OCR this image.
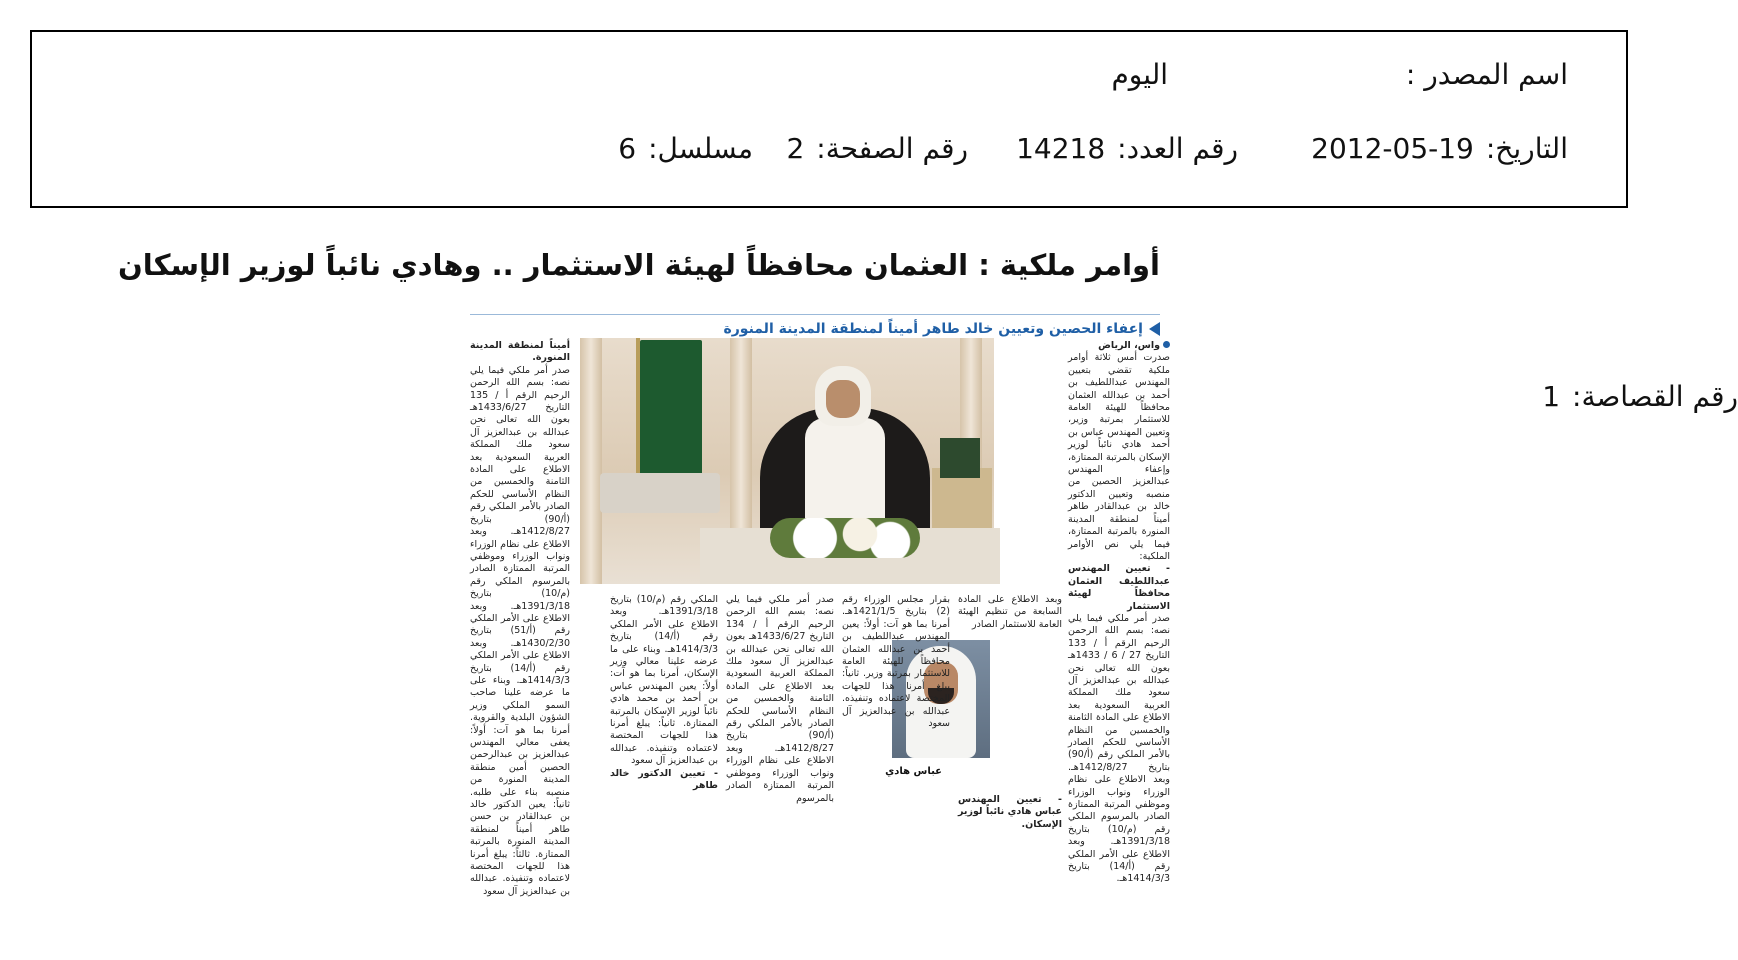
اسم المصدر :
اليوم
التاريخ:
2012-05-19
رقم العدد:
14218
رقم الصفحة:
2
مسلسل:
6
رقم القصاصة:
1
أوامر ملكية : العثمان محافظاً لهيئة الاستثمار .. وهادي نائباً لوزير الإسكان
إعفاء الحصين وتعيين خالد طاهر أميناً لمنطقة المدينة المنورة

واس، الرياض

صدرت أمس ثلاثة أوامر ملكية تقضي بتعيين المهندس عبداللطيف بن أحمد بن عبدالله العثمان محافظاً للهيئة العامة للاستثمار بمرتبة وزير، وتعيين المهندس عباس بن أحمد هادي نائباً لوزير الإسكان بالمرتبة الممتازة، وإعفاء المهندس عبدالعزيز الحصين من منصبه وتعيين الدكتور خالد بن عبدالقادر طاهر أميناً لمنطقة المدينة المنورة بالمرتبة الممتازة، فيما يلي نص الأوامر الملكية:

- تعيين المهندس عبداللطيف العثمان محافظاً لهيئة الاستثمار

صدر أمر ملكي فيما يلي نصه: بسم الله الرحمن الرحيم الرقم أ / 133 التاريخ 27 / 6 / 1433هـ بعون الله تعالى نحن عبدالله بن عبدالعزيز آل سعود ملك المملكة العربية السعودية بعد الاطلاع على المادة الثامنة والخمسين من النظام الأساسي للحكم الصادر بالأمر الملكي رقم (أ/90) بتاريخ 1412/8/27هـ. وبعد الاطلاع على نظام الوزراء ونواب الوزراء وموظفي المرتبة الممتازة الصادر بالمرسوم الملكي رقم (م/10) بتاريخ 1391/3/18هـ. وبعد الاطلاع على الأمر الملكي رقم (أ/14) بتاريخ 1414/3/3هـ.

وبعد الاطلاع على المادة السابعة من تنظيم الهيئة العامة للاستثمار الصادر

عباس هادي

- تعيين المهندس عباس هادي نائباً لوزير الإسكان.

بقرار مجلس الوزراء رقم (2) بتاريخ 1421/1/5هـ. أمرنا بما هو آت: أولاً: يعين المهندس عبداللطيف بن أحمد بن عبدالله العثمان محافظاً للهيئة العامة للاستثمار بمرتبة وزير. ثانياً: يبلغ أمرنا هذا للجهات المختصة لاعتماده وتنفيذه. عبدالله بن عبدالعزيز آل سعود

صدر أمر ملكي فيما يلي نصه: بسم الله الرحمن الرحيم الرقم أ / 134 التاريخ 1433/6/27هـ بعون الله تعالى نحن عبدالله بن عبدالعزيز آل سعود ملك المملكة العربية السعودية بعد الاطلاع على المادة الثامنة والخمسين من النظام الأساسي للحكم الصادر بالأمر الملكي رقم (أ/90) بتاريخ 1412/8/27هـ. وبعد الاطلاع على نظام الوزراء ونواب الوزراء وموظفي المرتبة الممتازة الصادر بالمرسوم

الملكي رقم (م/10) بتاريخ 1391/3/18هـ. وبعد الاطلاع على الأمر الملكي رقم (أ/14) بتاريخ 1414/3/3هـ. وبناء على ما عرضه علينا معالي وزير الإسكان، أمرنا بما هو آت: أولاً: يعين المهندس عباس بن أحمد بن محمد هادي نائباً لوزير الإسكان بالمرتبة الممتازة. ثانياً: يبلغ أمرنا هذا للجهات المختصة لاعتماده وتنفيذه. عبدالله بن عبدالعزيز آل سعود

- تعيين الدكتور خالد طاهر

أميناً لمنطقة المدينة المنورة.

صدر أمر ملكي فيما يلي نصه: بسم الله الرحمن الرحيم الرقم أ / 135 التاريخ 1433/6/27هـ بعون الله تعالى نحن عبدالله بن عبدالعزيز آل سعود ملك المملكة العربية السعودية بعد الاطلاع على المادة الثامنة والخمسين من النظام الأساسي للحكم الصادر بالأمر الملكي رقم (أ/90) بتاريخ 1412/8/27هـ. وبعد الاطلاع على نظام الوزراء ونواب الوزراء وموظفي المرتبة الممتازة الصادر بالمرسوم الملكي رقم (م/10) بتاريخ 1391/3/18هـ. وبعد الاطلاع على الأمر الملكي رقم (أ/51) بتاريخ 1430/2/30هـ. وبعد الاطلاع على الأمر الملكي رقم (أ/14) بتاريخ 1414/3/3هـ. وبناء على ما عرضه علينا صاحب السمو الملكي وزير الشؤون البلدية والقروية. أمرنا بما هو آت: أولاً: يعفى معالي المهندس عبدالعزيز بن عبدالرحمن الحصين أمين منطقة المدينة المنورة من منصبه بناء على طلبه. ثانياً: يعين الدكتور خالد بن عبدالقادر بن حسن طاهر أميناً لمنطقة المدينة المنورة بالمرتبة الممتازة. ثالثاً: يبلغ أمرنا هذا للجهات المختصة لاعتماده وتنفيذه. عبدالله بن عبدالعزيز آل سعود
